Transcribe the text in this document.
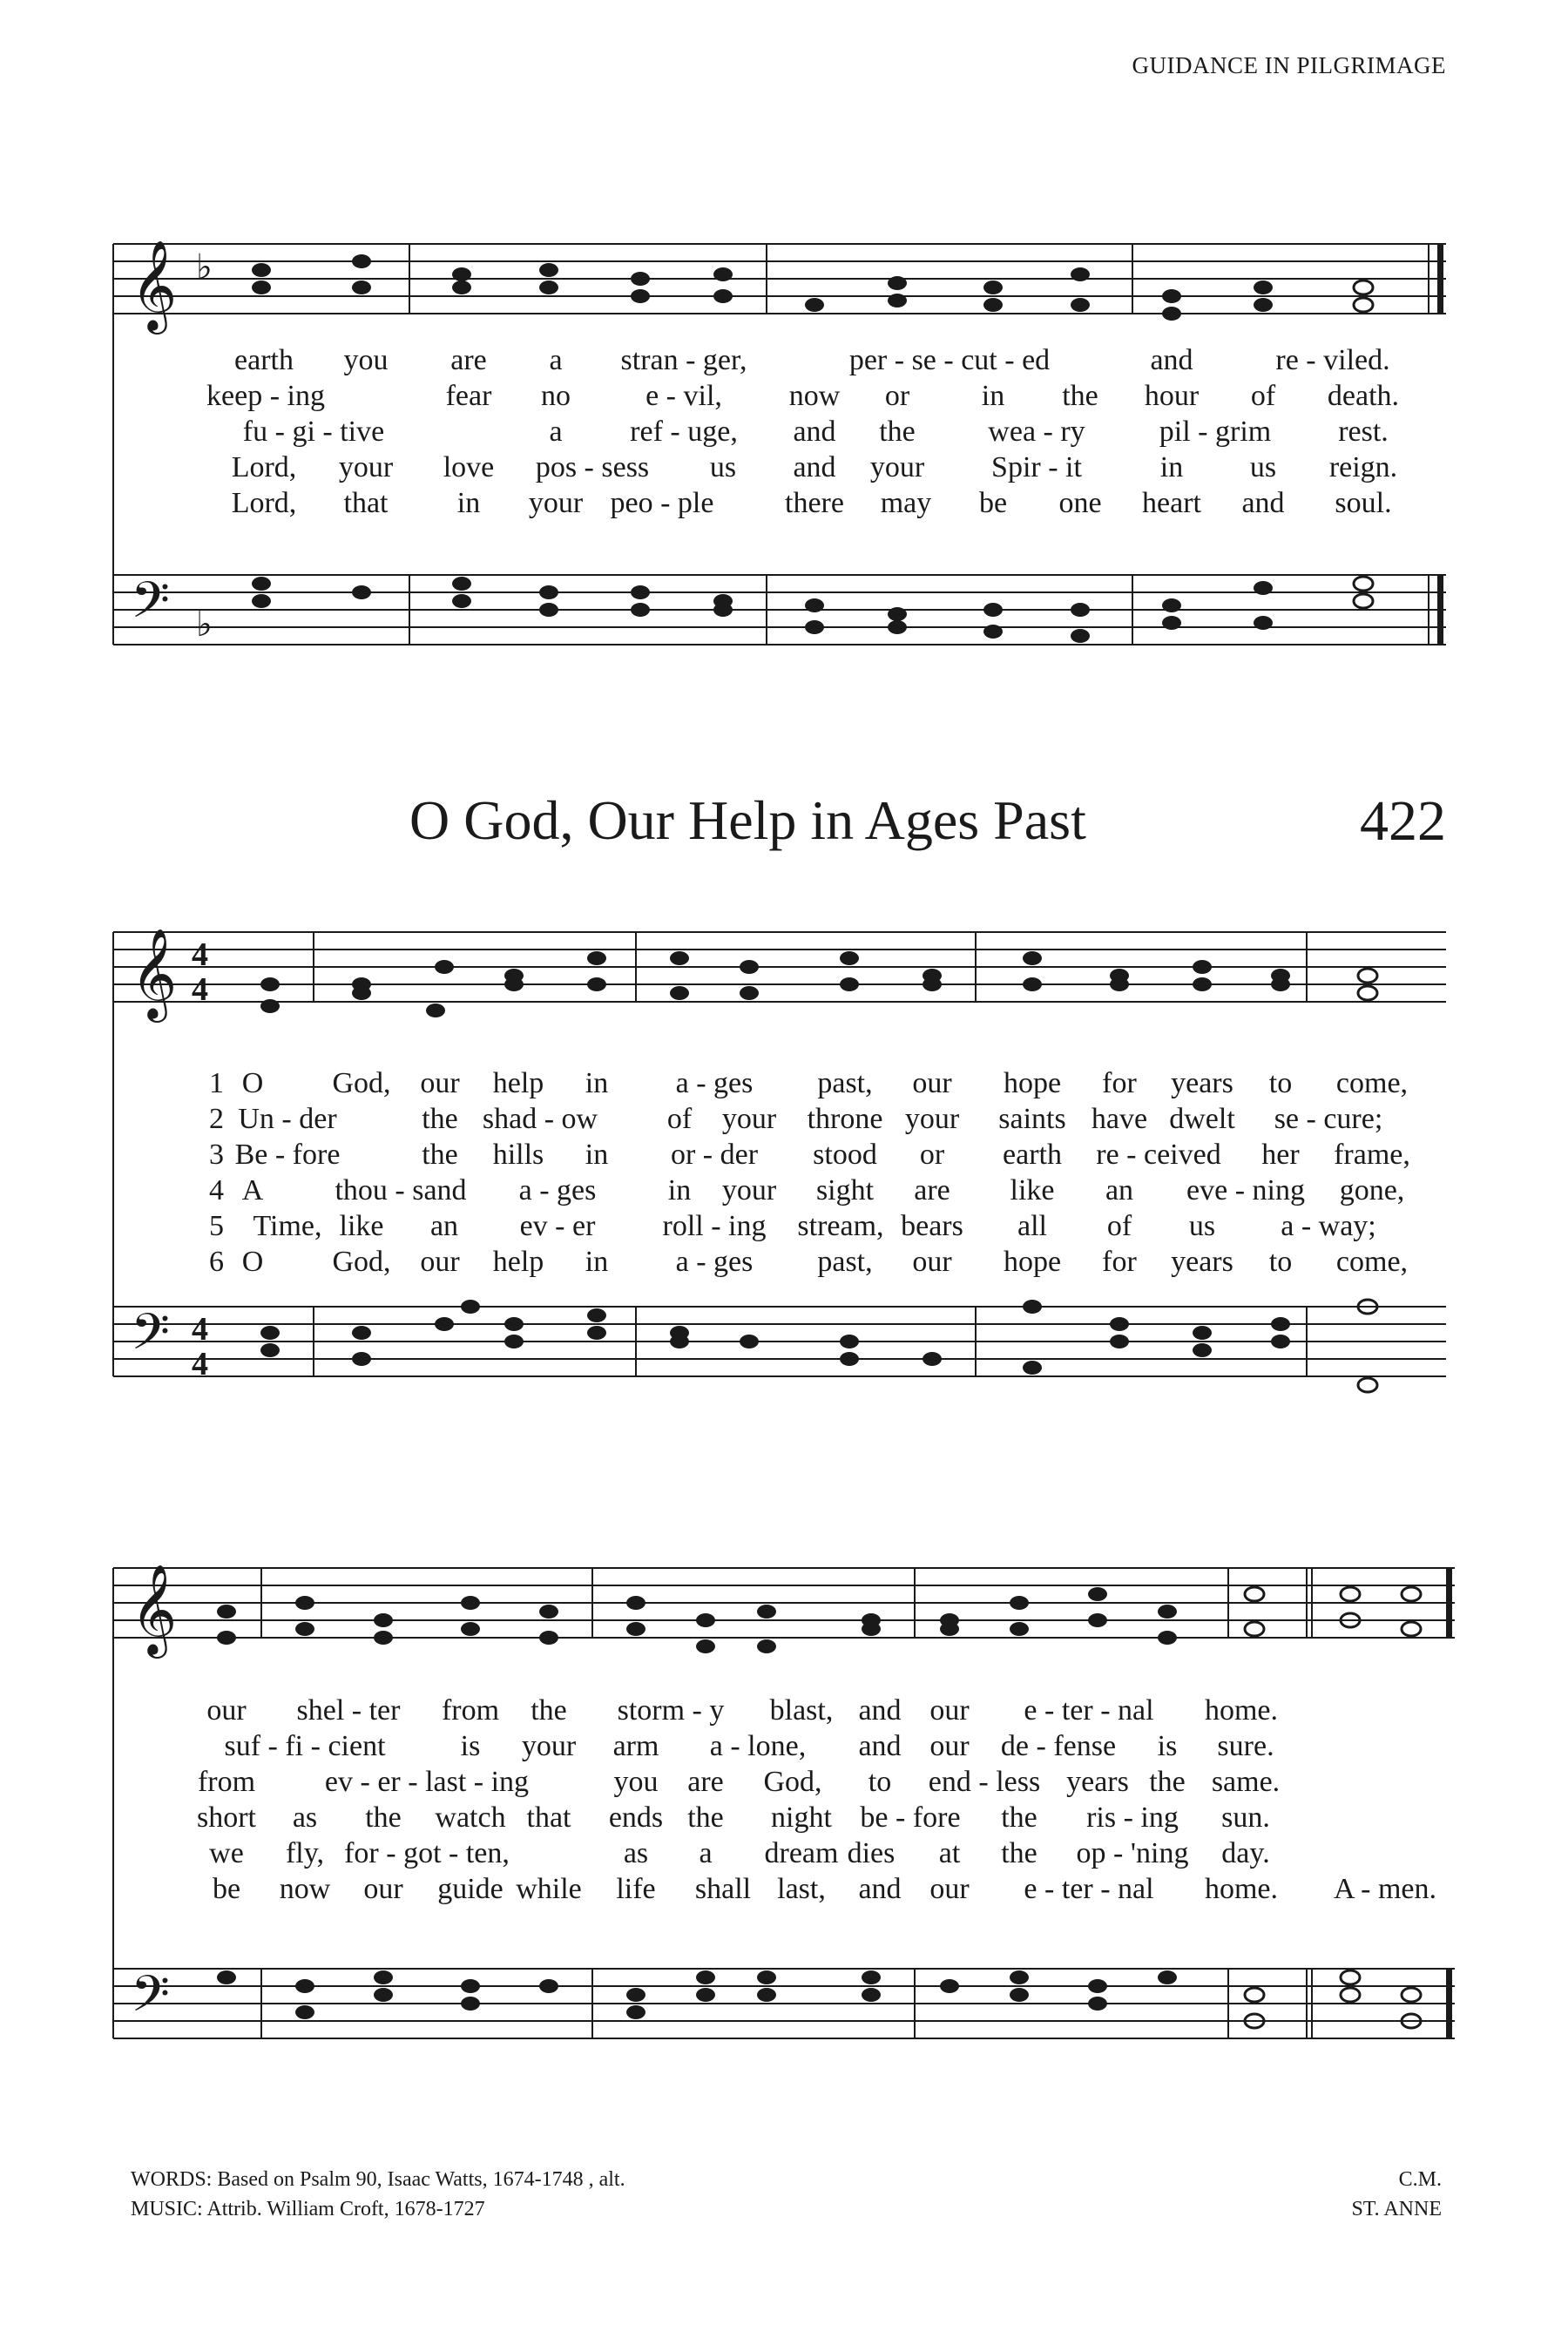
GUIDANCE IN PILGRIMAGE
𝄞 ♭
𝄢 ♭
earth you are a stran - ger,	per - se - cut - ed	and	re - viled.
keep - ing	fear no	e - vil, now or in the hour of death.
fu - gi - tive	a ref - uge, and the wea - ry	pil - grim rest.
Lord, your love pos - sess us and your Spir - it	in us reign.
Lord, that in your peo - ple there may be one heart and soul.
O God, Our Help in Ages Past	422
𝄞 4
4
𝄢 4
4
1 O God, our help in a - ges past, our hope for years to come,
2 Un - der	the shad - ow of your throne your saints have dwelt se - cure;
3 Be - fore	the hills in or - der stood or earth re - ceived her frame,
4 A thou - sand a - ges in your sight are like an eve - ning gone,
5 Time, like an ev - er roll - ing stream, bears all of us a - way;
6 O God, our help in a - ges past, our hope for years to come,
𝄞
𝄢
our shel - ter from the storm - y blast, and our e - ter - nal home.
suf - fi - cient	is your arm a - lone, and our de - fense is sure.
from ev - er - last - ing	you are God, to end - less years the same.
short as the watch that ends the night be - fore the ris - ing sun.
we fly, for - got - ten,	as a dream dies at the op - 'ning day.
be now our guide while life shall last, and our e - ter - nal home. A - men.
WORDS: Based on Psalm 90, Isaac Watts, 1674-1748 , alt.
MUSIC: Attrib. William Croft, 1678-1727
C.M.
ST. ANNE
